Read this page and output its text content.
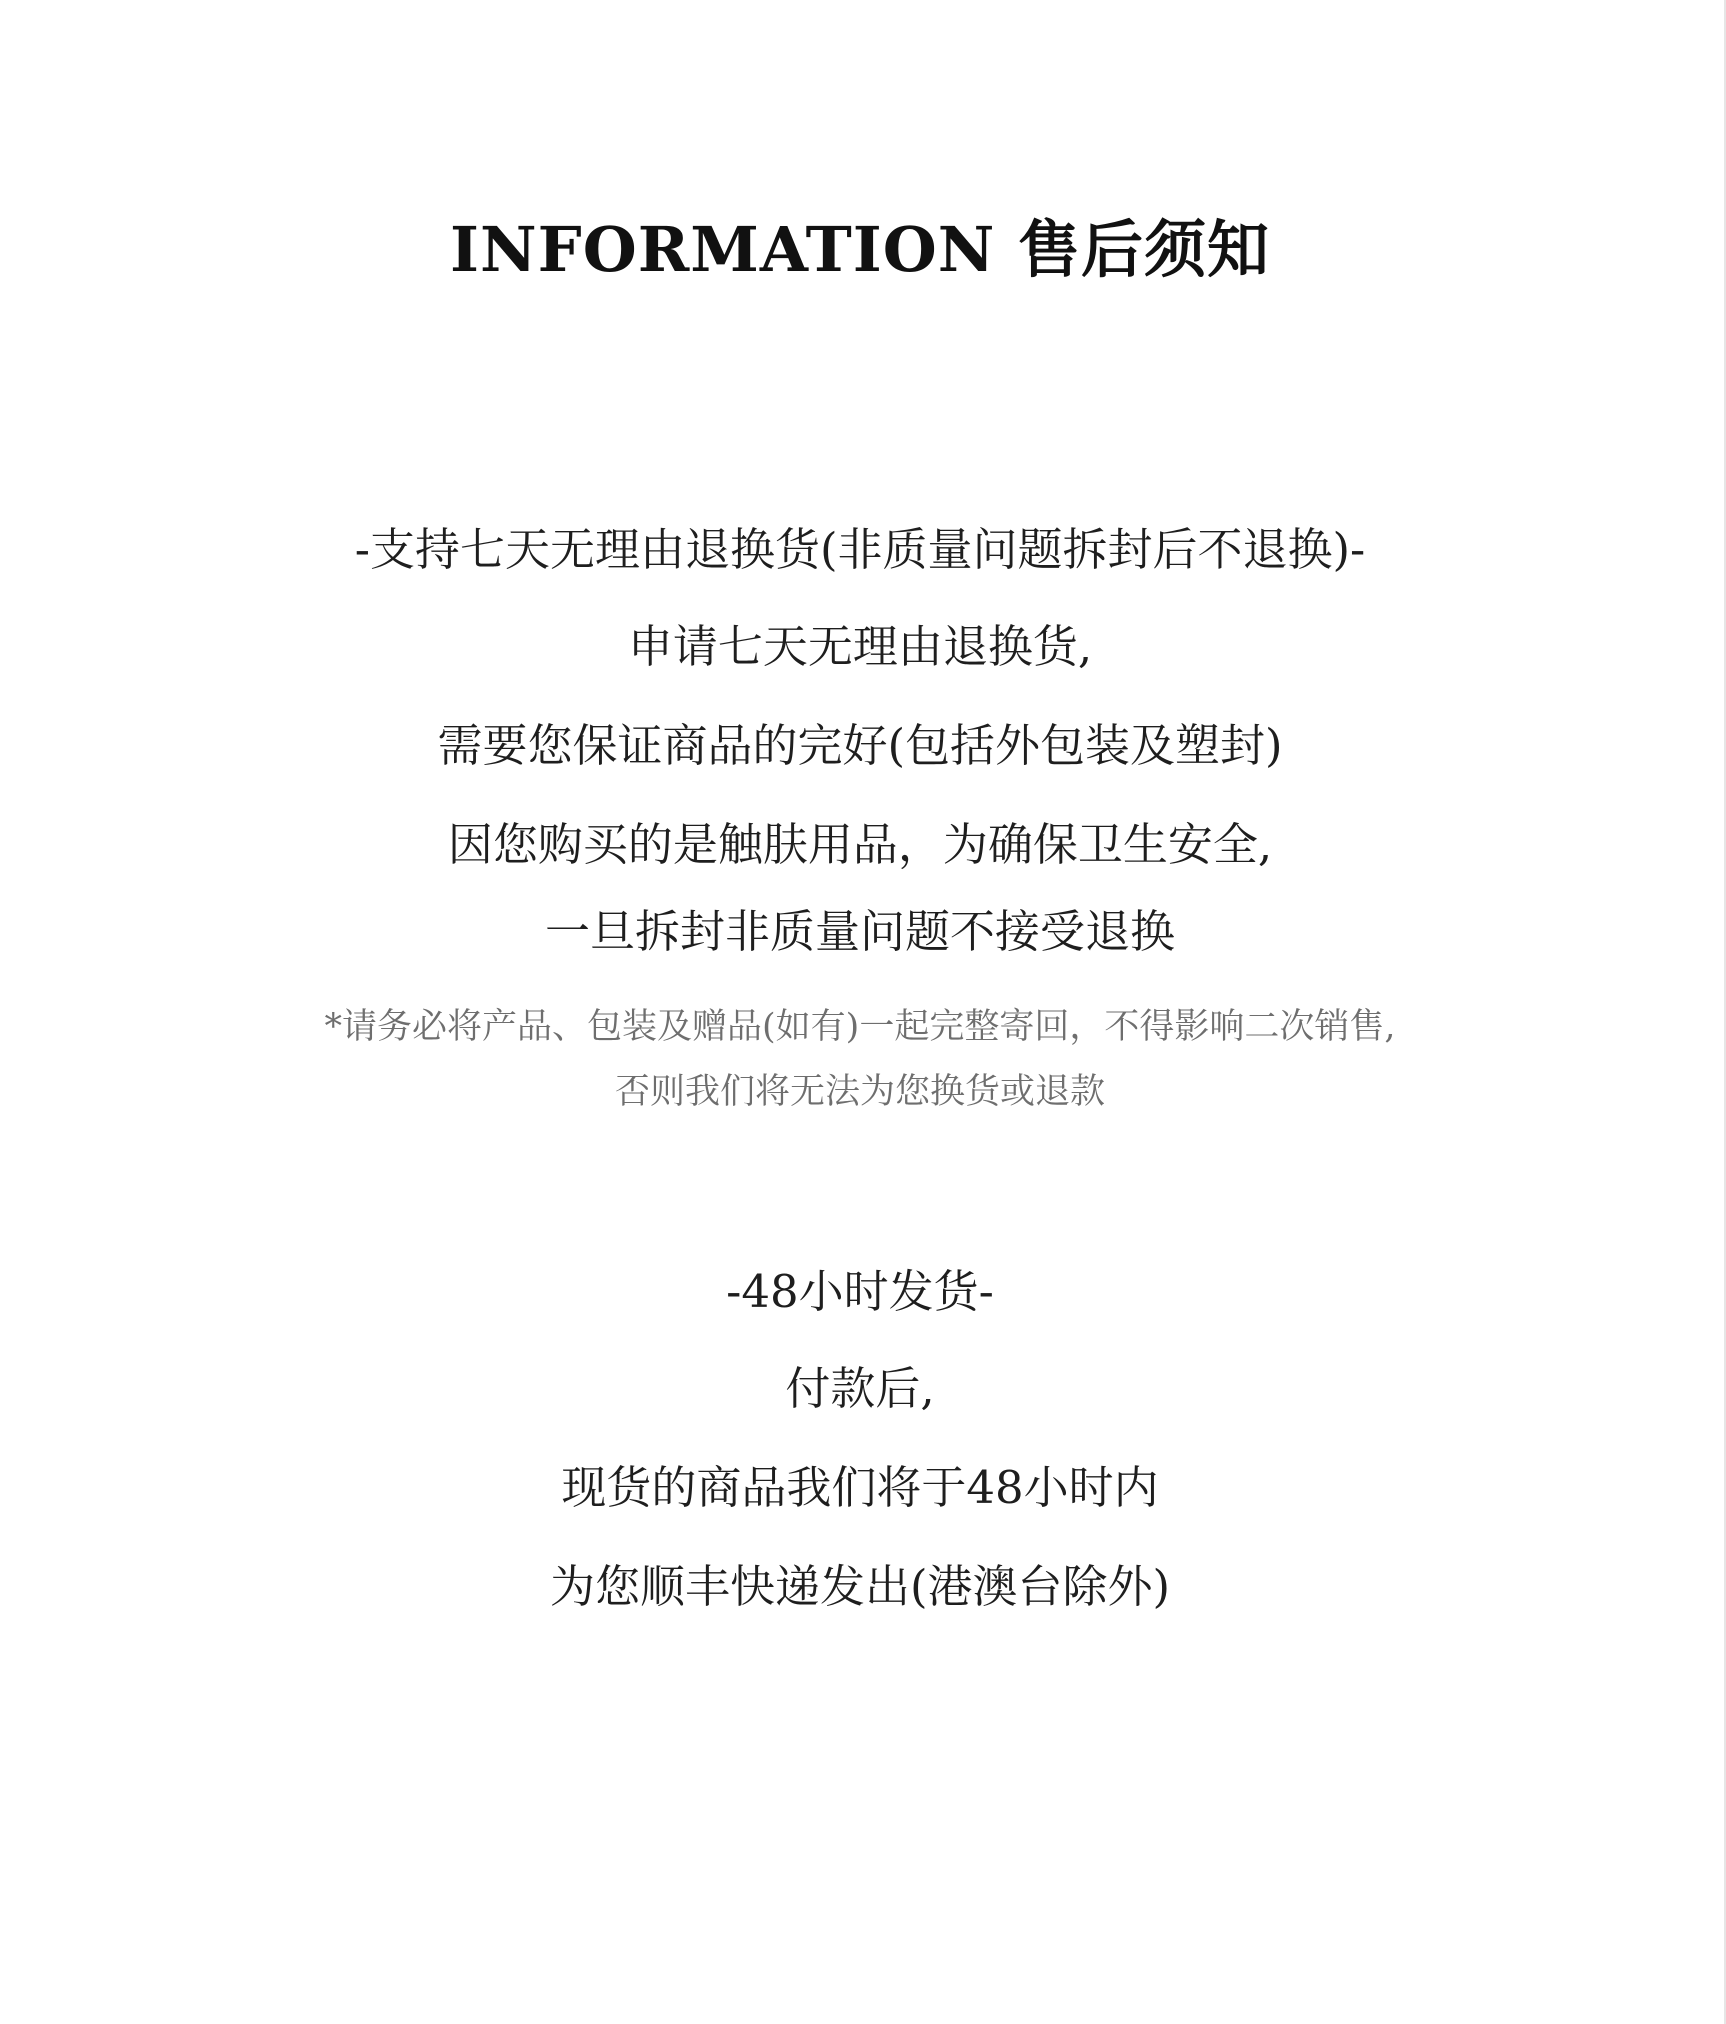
INFORMATION 售后须知
-支持七天无理由退换货(非质量问题拆封后不退换)-
申请七天无理由退换货,
需要您保证商品的完好(包括外包装及塑封)
因您购买的是触肤用品，为确保卫生安全,
一旦拆封非质量问题不接受退换
*请务必将产品、包装及赠品(如有)一起完整寄回，不得影响二次销售,
否则我们将无法为您换货或退款
-48小时发货-
付款后,
现货的商品我们将于48小时内
为您顺丰快递发出(港澳台除外)
